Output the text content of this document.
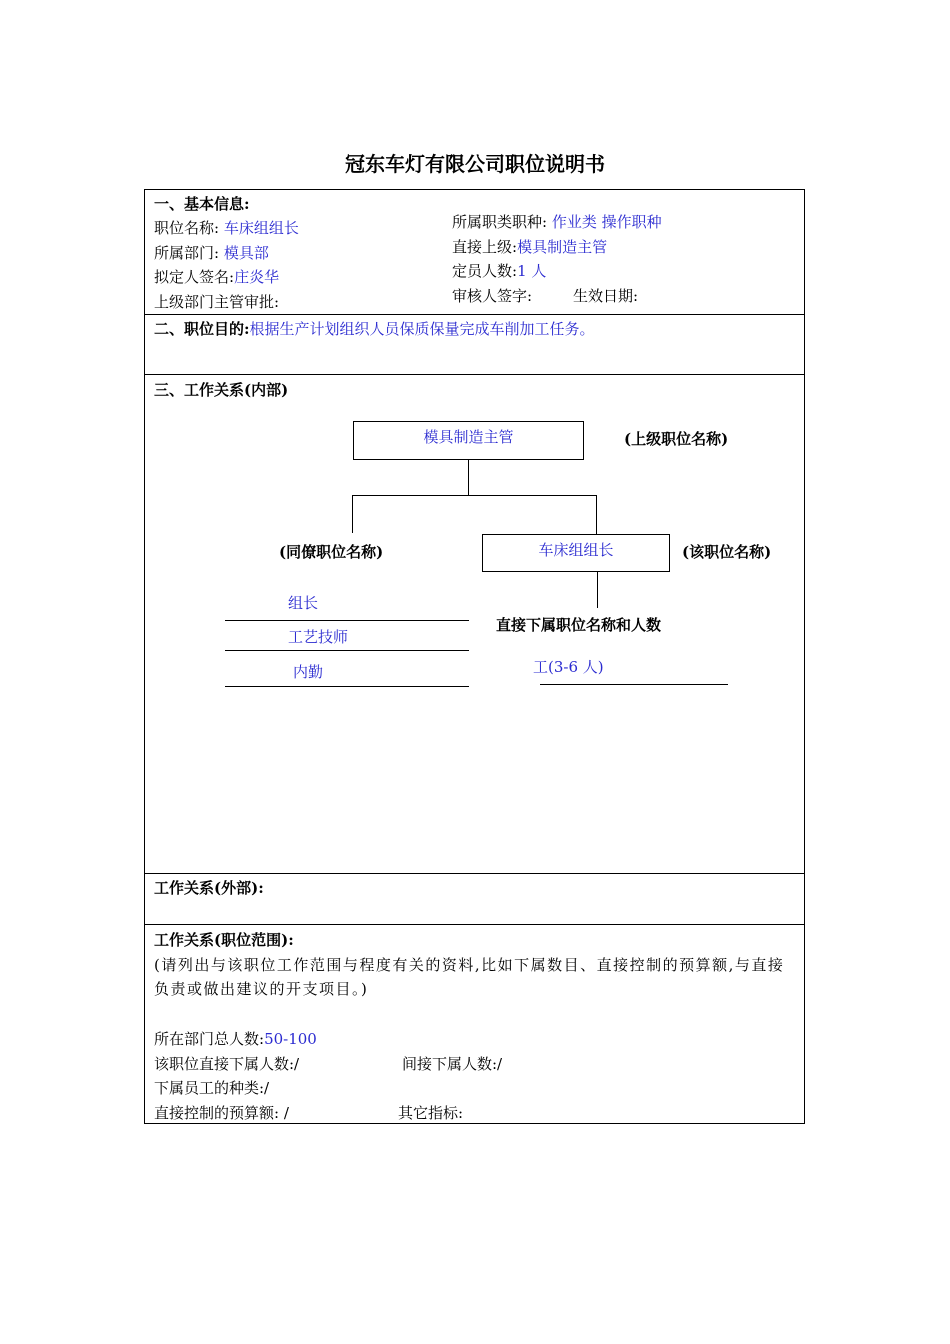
冠东车灯有限公司职位说明书
一、基本信息:
职位名称: 车床组组长
所属部门: 模具部
拟定人签名:庄炎华
上级部门主管审批:
所属职类职种: 作业类 操作职种
直接上级:模具制造主管
定员人数:1 人
审核人签字:	生效日期:
二、职位目的:根据生产计划组织人员保质保量完成车削加工任务。
三、工作关系(内部)
模具制造主管	(上级职位名称)
车床组组长	(该职位名称)
(同僚职位名称)
组长
工艺技师
内勤
直接下属职位名称和人数
工(3-6 人)
工作关系(外部):
工作关系(职位范围):
(请列出与该职位工作范围与程度有关的资料,比如下属数目、直接控制的预算额,与直接
负责或做出建议的开支项目。)
所在部门总人数:50-100
该职位直接下属人数:/	间接下属人数:/
下属员工的种类:/
直接控制的预算额: /	其它指标:
